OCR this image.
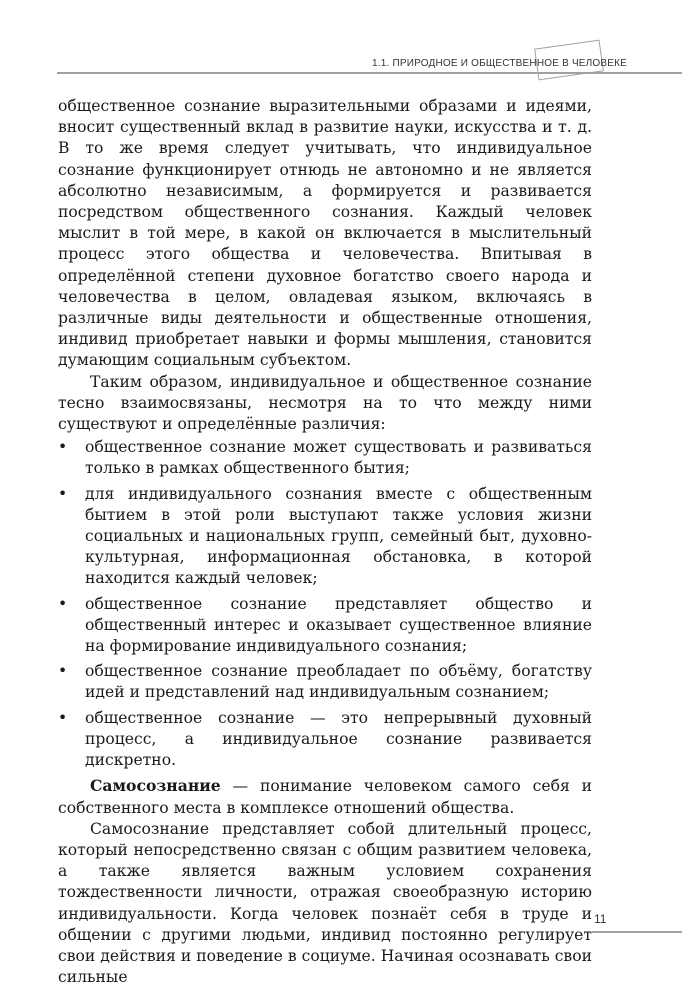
1.1. ПРИРОДНОЕ И ОБЩЕСТВЕННОЕ В ЧЕЛОВЕКЕ

общественное сознание выразительными образами и идеями, вносит существенный вклад в развитие науки, искусства и т. д. В то же время следует учитывать, что индивидуальное сознание функционирует отнюдь не автономно и не является абсолютно независимым, а формируется и развивается посредством общественного сознания. Каждый человек мыслит в той мере, в какой он включается в мыслительный процесс этого общества и человечества. Впитывая в определённой степени духовное богатство своего народа и человечества в целом, овладевая языком, включаясь в различные виды деятельности и общественные отношения, индивид приобретает навыки и формы мышления, становится думающим социальным субъектом.

Таким образом, индивидуальное и общественное сознание тесно взаимосвязаны, несмотря на то что между ними существуют и определённые различия:

• общественное сознание может существовать и развиваться только в рамках общественного бытия;
• для индивидуального сознания вместе с общественным бытием в этой роли выступают также условия жизни социальных и национальных групп, семейный быт, духовно-культурная, информационная обстановка, в которой находится каждый человек;
• общественное сознание представляет общество и общественный интерес и оказывает существенное влияние на формирование индивидуального сознания;
• общественное сознание преобладает по объёму, богатству идей и представлений над индивидуальным сознанием;
• общественное сознание — это непрерывный духовный процесс, а индивидуальное сознание развивается дискретно.

Самосознание — понимание человеком самого себя и собственного места в комплексе отношений общества.

Самосознание представляет собой длительный процесс, который непосредственно связан с общим развитием человека, а также является важным условием сохранения тождественности личности, отражая своеобразную историю индивидуальности. Когда человек познаёт себя в труде и общении с другими людьми, индивид постоянно регулирует свои действия и поведение в социуме. Начиная осознавать свои сильные

11
